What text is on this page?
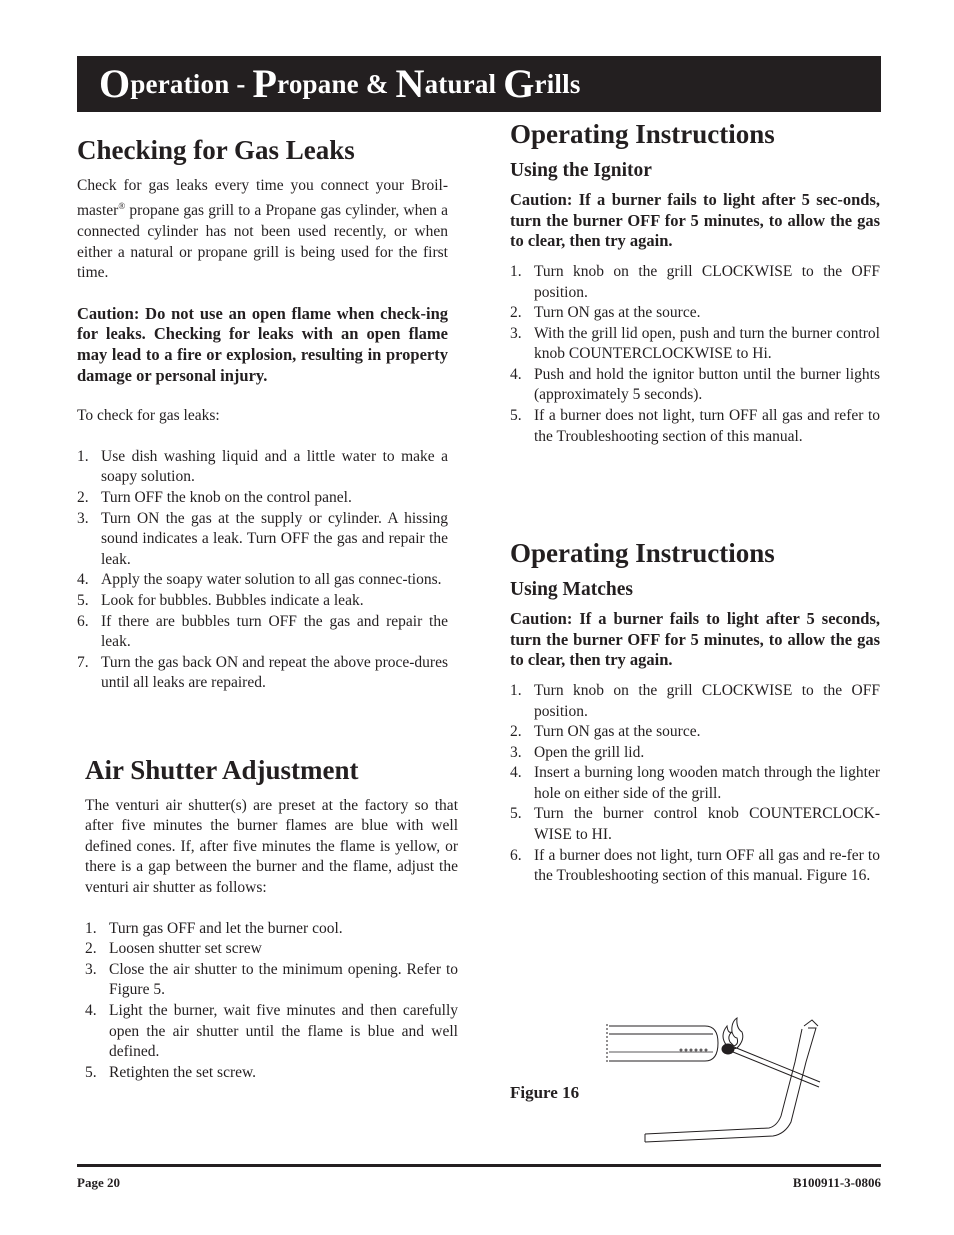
O peration - P ropane & N atural G rills
Checking for Gas Leaks

Check for gas leaks every time you connect your Broil-master® propane gas grill to a Propane gas cylinder, when a connected cylinder has not been used recently, or when either a natural or propane grill is being used for the first time.

Caution: Do not use an open flame when check-ing for leaks. Checking for leaks with an open flame may lead to a fire or explosion, resulting in property damage or personal injury.

To check for gas leaks:

1. Use dish washing liquid and a little water to make a soapy solution.
2. Turn OFF the knob on the control panel.
3. Turn ON the gas at the supply or cylinder. A hissing sound indicates a leak. Turn OFF the gas and repair the leak.
4. Apply the soapy water solution to all gas connec-tions.
5. Look for bubbles. Bubbles indicate a leak.
6. If there are bubbles turn OFF the gas and repair the leak.
7. Turn the gas back ON and repeat the above proce-dures until all leaks are repaired.
Air Shutter Adjustment

The venturi air shutter(s) are preset at the factory so that after five minutes the burner flames are blue with well defined cones. If, after five minutes the flame is yellow, or there is a gap between the burner and the flame, adjust the venturi air shutter as follows:

1. Turn gas OFF and let the burner cool.
2. Loosen shutter set screw
3. Close the air shutter to the minimum opening. Refer to Figure 5.
4. Light the burner, wait five minutes and then carefully open the air shutter until the flame is blue and well defined.
5. Retighten the set screw.
Operating Instructions
Using the Ignitor

Caution: If a burner fails to light after 5 sec-onds, turn the burner OFF for 5 minutes, to allow the gas to clear, then try again.

1. Turn knob on the grill CLOCKWISE to the OFF position.
2. Turn ON gas at the source.
3. With the grill lid open, push and turn the burner control knob COUNTERCLOCKWISE to Hi.
4. Push and hold the ignitor button until the burner lights (approximately 5 seconds).
5. If a burner does not light, turn OFF all gas and refer to the Troubleshooting section of this manual.
Operating Instructions
Using Matches

Caution: If a burner fails to light after 5 seconds, turn the burner OFF for 5 minutes, to allow the gas to clear, then try again.

1. Turn knob on the grill CLOCKWISE to the OFF position.
2. Turn ON gas at the source.
3. Open the grill lid.
4. Insert a burning long wooden match through the lighter hole on either side of the grill.
5. Turn the burner control knob COUNTERCLOCK-WISE to HI.
6. If a burner does not light, turn OFF all gas and re-fer to the Troubleshooting section of this manual. Figure 16.
Figure 16
Page 20	B100911-3-0806
